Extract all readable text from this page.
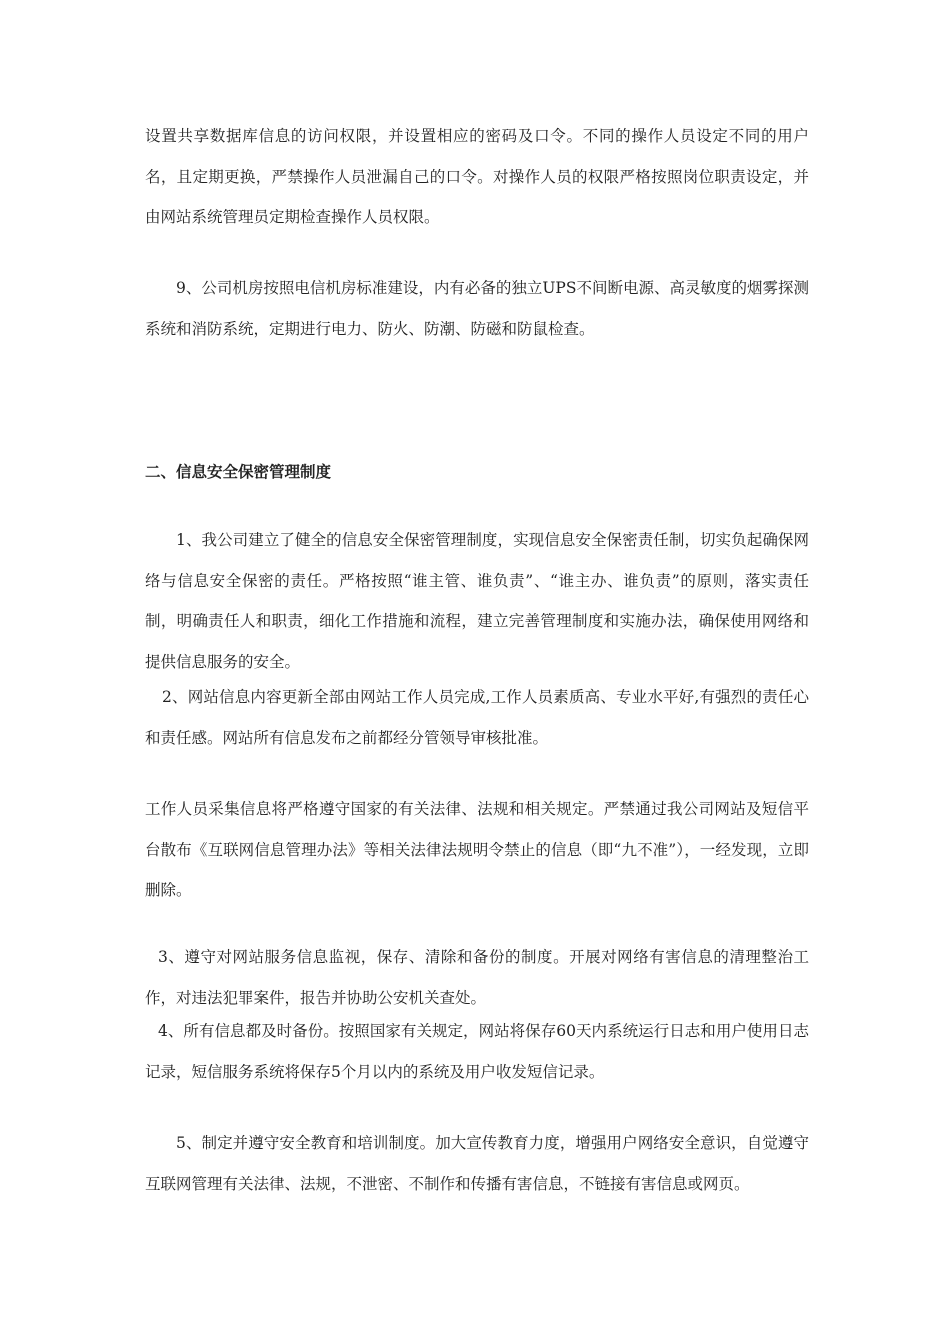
设置共享数据库信息的访问权限，并设置相应的密码及口令。不同的操作人员设定不同的用户名，且定期更换，严禁操作人员泄漏自己的口令。对操作人员的权限严格按照岗位职责设定，并由网站系统管理员定期检查操作人员权限。

9、公司机房按照电信机房标准建设，内有必备的独立UPS不间断电源、高灵敏度的烟雾探测系统和消防系统，定期进行电力、防火、防潮、防磁和防鼠检查。

二、信息安全保密管理制度

1、我公司建立了健全的信息安全保密管理制度，实现信息安全保密责任制，切实负起确保网络与信息安全保密的责任。严格按照“谁主管、谁负责”、“谁主办、谁负责”的原则，落实责任制，明确责任人和职责，细化工作措施和流程，建立完善管理制度和实施办法，确保使用网络和提供信息服务的安全。

2、网站信息内容更新全部由网站工作人员完成,工作人员素质高、专业水平好,有强烈的责任心和责任感。网站所有信息发布之前都经分管领导审核批准。

工作人员采集信息将严格遵守国家的有关法律、法规和相关规定。严禁通过我公司网站及短信平台散布《互联网信息管理办法》等相关法律法规明令禁止的信息（即“九不准”），一经发现，立即删除。

3、遵守对网站服务信息监视，保存、清除和备份的制度。开展对网络有害信息的清理整治工作，对违法犯罪案件，报告并协助公安机关查处。

4、所有信息都及时备份。按照国家有关规定，网站将保存60天内系统运行日志和用户使用日志记录，短信服务系统将保存5个月以内的系统及用户收发短信记录。

5、制定并遵守安全教育和培训制度。加大宣传教育力度，增强用户网络安全意识，自觉遵守互联网管理有关法律、法规，不泄密、不制作和传播有害信息，不链接有害信息或网页。
